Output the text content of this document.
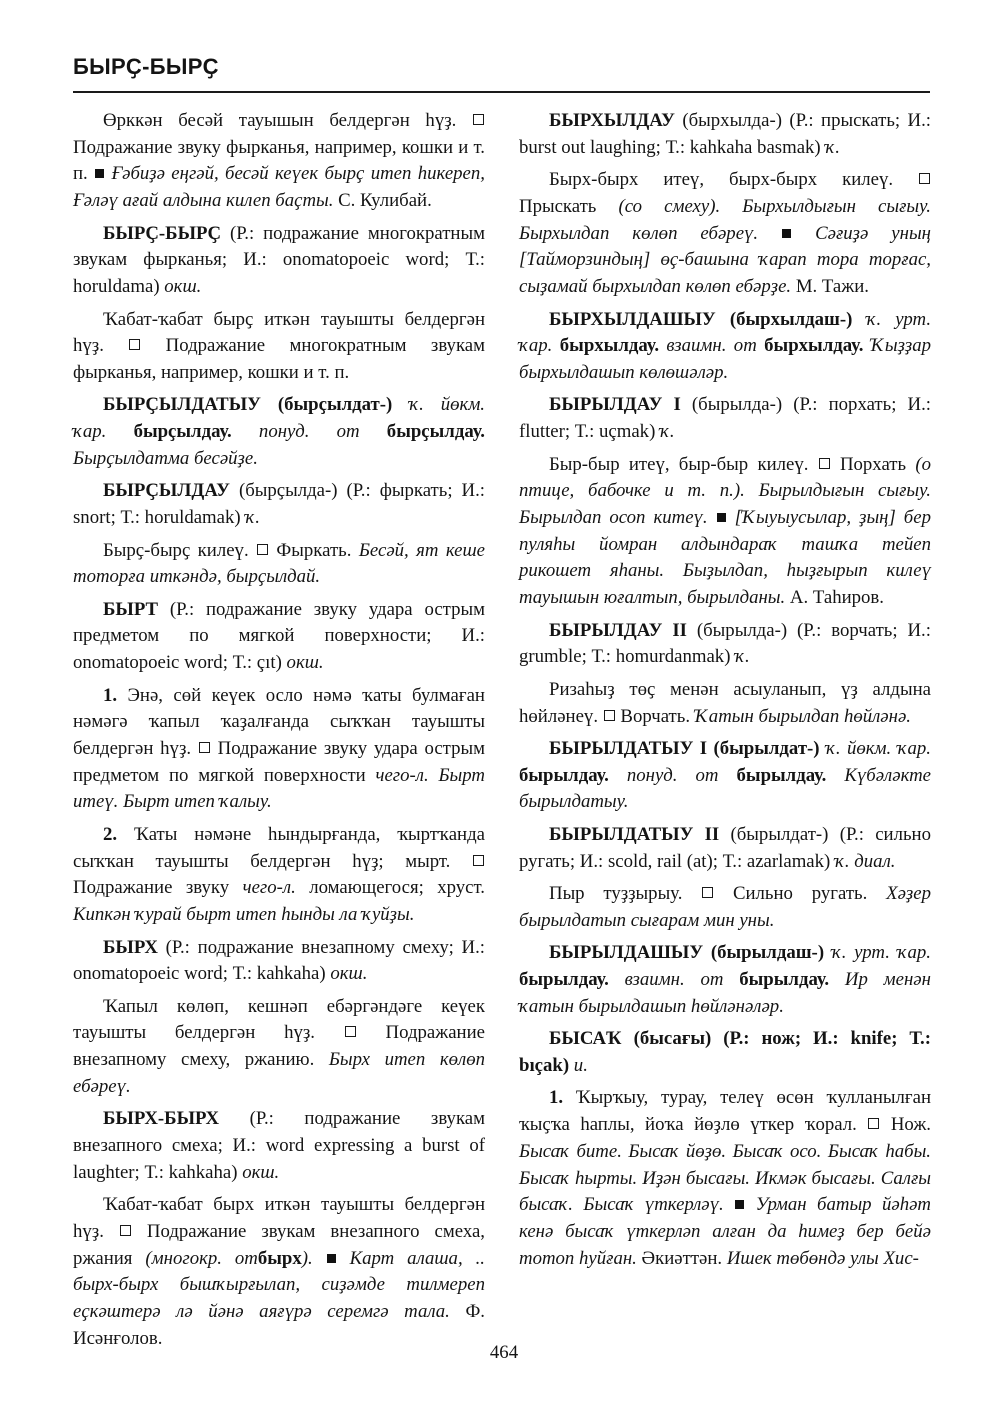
БЫРҪ-БЫРҪ

Өрккән бесәй тауышын белдергән һүҙ.  Подражание звуку фырканья, например, кошки и т. п. Ғәбиҙә еңгәй, бесәй кеүек бырҫ итеп һикереп, Ғәләү ағай алдына килеп баҫты. С. Кулибай.

БЫРҪ-БЫРҪ (Р.: подражание многократным звукам фырканья; И.: onomatopoeic word; Т.: horuldama) окш.

Ҡабат-ҡабат бырҫ иткән тауышты белдергән һүҙ.	Подражание многократным звукам фырканья, например, кошки и т. п.

БЫРҪЫЛДАТЫУ (бырҫылдат-) ҡ. йөкм. ҡар. бырҫылдау. понуд. от бырҫылдау. Бырҫылдатма бесәйҙе.

БЫРҪЫЛДАУ (бырҫылда-) (Р.: фыркать; И.: snort; Т.: horuldamak) ҡ.

Бырҫ-бырҫ килеү. Фыркать. Бесәй, ят кеше тоторға иткәндә, бырҫылдай.

БЫРТ (Р.: подражание звуку удара острым предметом по мягкой поверхности; И.: onomatopoeic word; Т.: çıt) окш.

1. Энә, сөй кеүек осло нәмә ҡаты булмаған нәмәгә ҡапыл ҡаҙалғанда сыҡҡан тауышты белдергән һүҙ. Подражание звуку удара острым предметом по мягкой поверхности чего-л. Бырт итеү. Бырт итеп ҡалыу.

2. Ҡаты нәмәне һындырғанда, ҡыртҡанда сыҡҡан тауышты белдергән һүҙ; мырт.  Подражание звуку чего-л. ломающегося; хруст. Кипкән ҡурай бырт итеп һынды ла ҡуйҙы.

БЫРХ (Р.: подражание внезапному смеху; И.: onomatopoeic word; Т.: kahkaha) окш.

Ҡапыл көлөп, кешнәп ебәргәндәге кеүек тауышты белдергән һүҙ.	Подражание внезапному смеху, ржанию. Бырх итеп көлөп ебәреү.

БЫРХ-БЫРХ (Р.: подражание звукам внезапного смеха; И.: word expressing a burst of laughter; Т.: kahkaha) окш.

Ҡабат-ҡабат бырх иткән тауышты белдергән һүҙ. Подражание звукам внезапного смеха, ржания (многокр. отбырх). Карт алаша, .. бырх-бырх бышҡырғылап, сиҙәмде тилмереп еҫкәштерә лә йәнә аяғүрә серемгә тала. Ф. Исәнғолов.

БЫРХЫЛДАУ (бырхылда-) (Р.: прыскать; И.: burst out laughing; Т.: kahkaha basmak) ҡ.

Бырх-бырх итеү, бырх-бырх килеү.  Прыскать (со смеху). Бырхылдығын сығыу. Бырхылдап көлөп ебәреү.	Сәғиҙә уның [Тайморзиндың] өҫ-башына ҡарап тора торғас, сыҙамай бырхылдап көлөп ебәрҙе. М. Тажи.

БЫРХЫЛДАШЫУ (бырхылдаш-) ҡ. урт. ҡар. бырхылдау. взаимн. от бырхылдау. Ҡыҙҙар бырхылдашып көлөшәләр.

БЫРЫЛДАУ I (бырылда-) (Р.: порхать; И.: flutter; Т.: uçmak) ҡ.

Быр-быр итеү, быр-быр килеү. Порхать (о птице, бабочке и т. п.). Бырылдығын сығыу. Бырылдап осоп китеү. [Ҡыуыусылар, ҙың] бер пуляһы йомран алдындараҡ ташҡа тейеп рикошет яһаны. Быҙылдап, һыҙғырып килеү тауышын юғалтып, бырылданы. А. Таһиров.

БЫРЫЛДАУ II (бырылда-) (Р.: ворчать; И.: grumble; Т.: homurdanmak) ҡ.

Ризаһыҙ төҫ менән асыуланып, үҙ алдына һөйләнеү. Ворчать. Ҡатын бырылдап һөйләнә.

БЫРЫЛДАТЫУ I (бырылдат-) ҡ. йөкм. ҡар. бырылдау. понуд. от бырылдау. Күбәләкте бырылдатыу.

БЫРЫЛДАТЫУ II (бырылдат-) (Р.: сильно ругать; И.: scold, rail (at); Т.: azarlamak) ҡ. диал.

Пыр туҙҙырыу.	Сильно ругать. Хәҙер бырылдатып сығарам мин уны.

БЫРЫЛДАШЫУ (бырылдаш-) ҡ. урт. ҡар. бырылдау. взаимн. от бырылдау. Ир менән ҡатын бырылдашып һөйләнәләр.

БЫСАҠ (бысағы) (Р.: нож; И.: knife; Т.: bıçak) и.

1. Ҡырҡыу, турау, телеү өсөн ҡулланылған ҡыҫҡа һаплы, йоҡа йөҙлө үткер ҡорал. Нож. Бысаҡ бите. Бысаҡ йөҙө. Бысаҡ осо. Бысаҡ һабы. Бысаҡ һырты. Иҙән бысағы. Икмәк бысағы. Салғы бысаҡ. Бысаҡ үткерләү. Урман батыр йәһәт кенә бысаҡ үткерләп алған да һимеҙ бер бейә тотоп һуйған. Әкиәттән. Ишек төбөндә улы Хис-

464
